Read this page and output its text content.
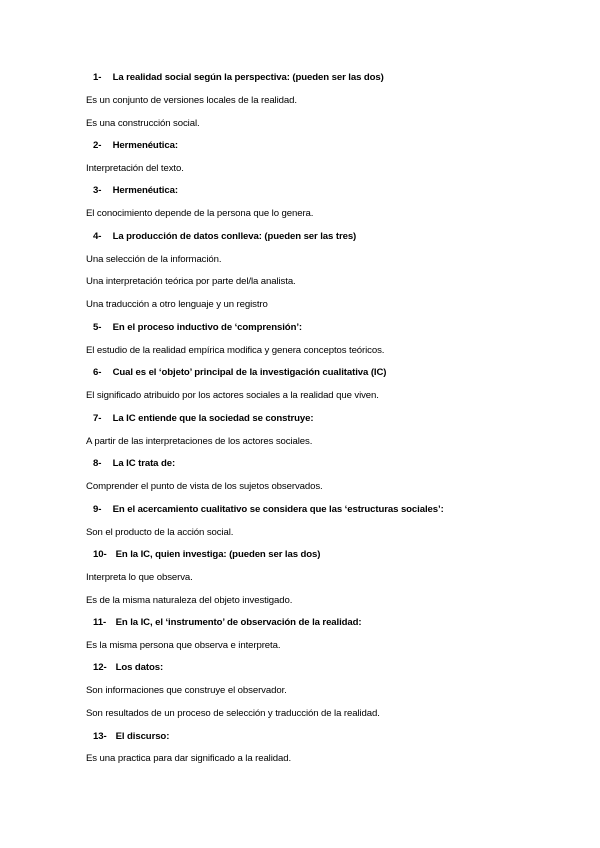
1- La realidad social según la perspectiva: (pueden ser las dos)
Es un conjunto de versiones locales de la realidad.
Es una construcción social.
2- Hermenéutica:
Interpretación del texto.
3- Hermenéutica:
El conocimiento depende de la persona que lo genera.
4- La producción de datos conlleva: (pueden ser las tres)
Una selección de la información.
Una interpretación teórica por parte del/la analista.
Una traducción a otro lenguaje y un registro
5- En el proceso inductivo de ‘comprensión’:
El estudio de la realidad empírica modifica y genera conceptos teóricos.
6- Cual es el ‘objeto’ principal de la investigación cualitativa (IC)
El significado atribuido por los actores sociales a la realidad que viven.
7- La IC entiende que la sociedad se construye:
A partir de las interpretaciones de los actores sociales.
8- La IC trata de:
Comprender el punto de vista de los sujetos observados.
9- En el acercamiento cualitativo se considera que las ‘estructuras sociales’:
Son el producto de la acción social.
10- En la IC, quien investiga: (pueden ser las dos)
Interpreta lo que observa.
Es de la misma naturaleza del objeto investigado.
11- En la IC, el ‘instrumento’ de observación de la realidad:
Es la misma persona que observa e interpreta.
12- Los datos:
Son informaciones que construye el observador.
Son resultados de un proceso de selección y traducción de la realidad.
13- El discurso:
Es una practica para dar significado a la realidad.
